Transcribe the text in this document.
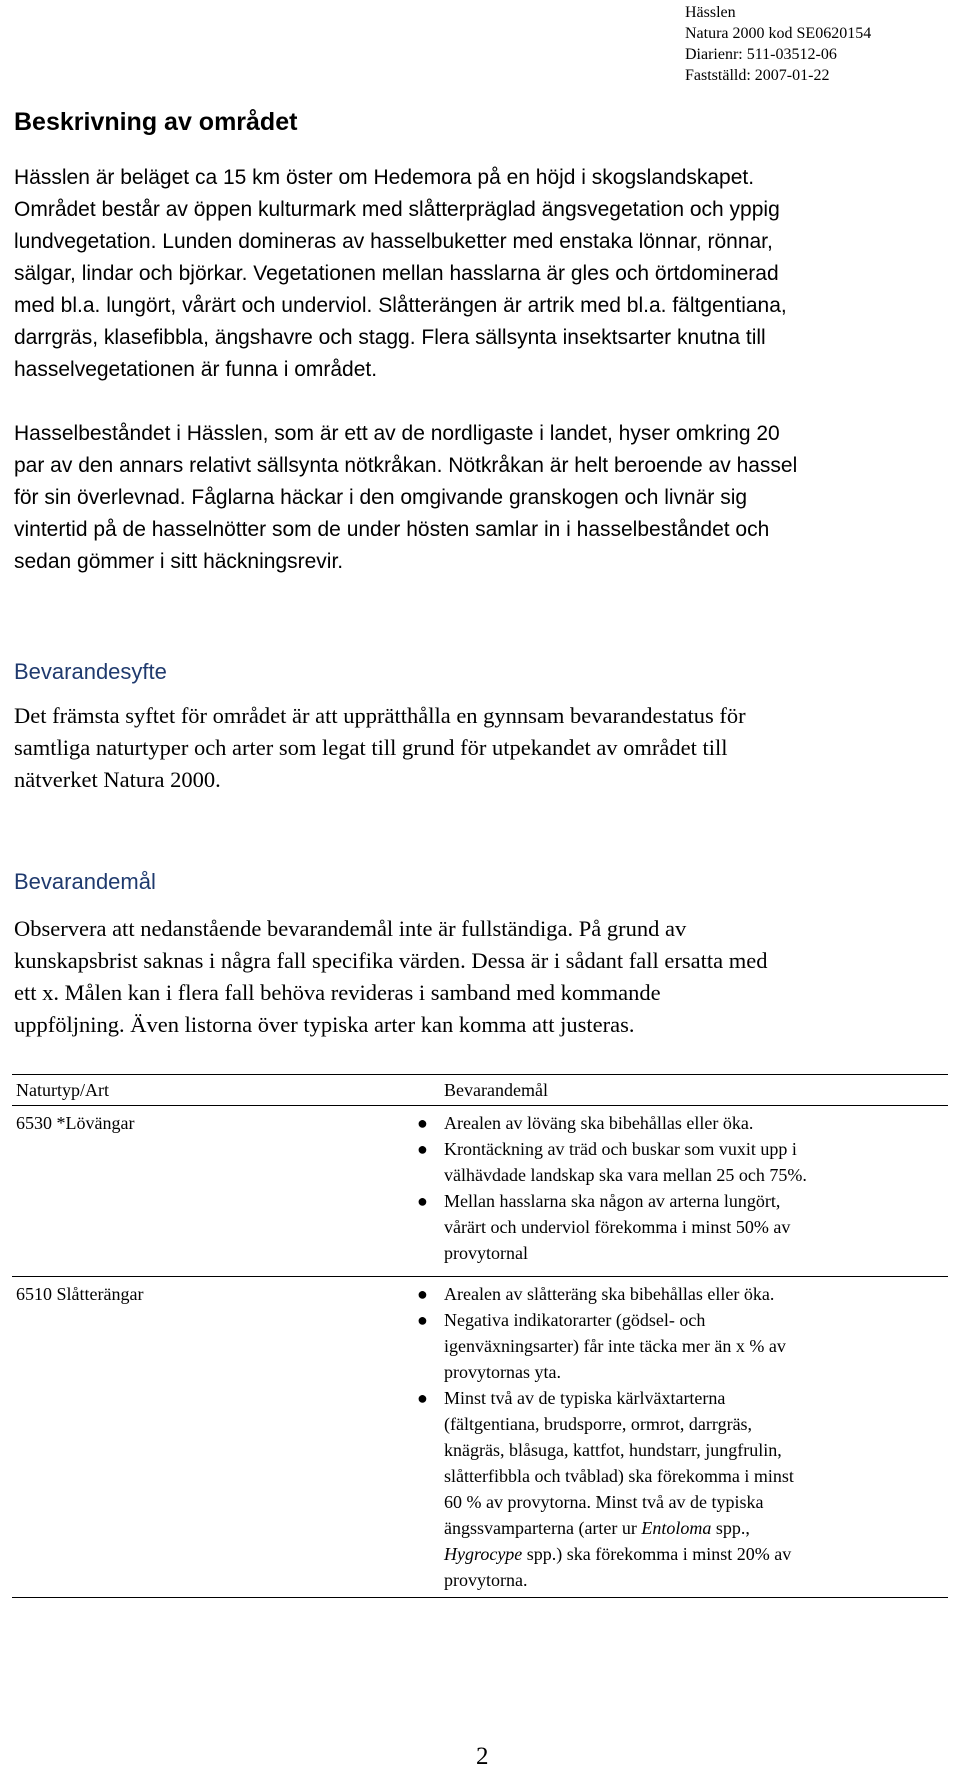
Hässlen
Natura 2000 kod SE0620154
Diarienr: 511-03512-06
Fastställd: 2007-01-22
Beskrivning av området
Hässlen är beläget ca 15 km öster om Hedemora på en höjd i skogslandskapet.
Området består av öppen kulturmark med slåtterpräglad ängsvegetation och yppig
lundvegetation. Lunden domineras av hasselbuketter med enstaka lönnar, rönnar,
sälgar, lindar och björkar. Vegetationen mellan hasslarna är gles och örtdominerad
med bl.a. lungört, vårärt och underviol. Slåtterängen är artrik med bl.a. fältgentiana,
darrgräs, klasefibbla, ängshavre och stagg. Flera sällsynta insektsarter knutna till
hasselvegetationen är funna i området.
Hasselbeståndet i Hässlen, som är ett av de nordligaste i landet, hyser omkring 20
par av den annars relativt sällsynta nötkråkan. Nötkråkan är helt beroende av hassel
för sin överlevnad. Fåglarna häckar i den omgivande granskogen och livnär sig
vintertid på de hasselnötter som de under hösten samlar in i hasselbeståndet och
sedan gömmer i sitt häckningsrevir.
Bevarandesyfte
Det främsta syftet för området är att upprätthålla en gynnsam bevarandestatus för
samtliga naturtyper och arter som legat till grund för utpekandet av området till
nätverket Natura 2000.
Bevarandemål
Observera att nedanstående bevarandemål inte är fullständiga. På grund av
kunskapsbrist saknas i några fall specifika värden. Dessa är i sådant fall ersatta med
ett x. Målen kan i flera fall behöva revideras i samband med kommande
uppföljning. Även listorna över typiska arter kan komma att justeras.
Naturtyp/Art	Bevarandemål
6530 *Lövängar	● Arealen av löväng ska bibehållas eller öka.
● Krontäckning av träd och buskar som vuxit upp i
välhävdade landskap ska vara mellan 25 och 75%.
● Mellan hasslarna ska någon av arterna lungört,
vårärt och underviol förekomma i minst 50% av
provytornal
6510 Slåtterängar	● Arealen av slåtteräng ska bibehållas eller öka.
● Negativa indikatorarter (gödsel- och
igenväxningsarter) får inte täcka mer än x % av
provytornas yta.
● Minst två av de typiska kärlväxtarterna
(fältgentiana, brudsporre, ormrot, darrgräs,
knägräs, blåsuga, kattfot, hundstarr, jungfrulin,
slåtterfibbla och tvåblad) ska förekomma i minst
60 % av provytorna. Minst två av de typiska
ängssvamparterna (arter ur Entoloma spp.,
Hygrocype spp.) ska förekomma i minst 20% av
provytorna.
2
